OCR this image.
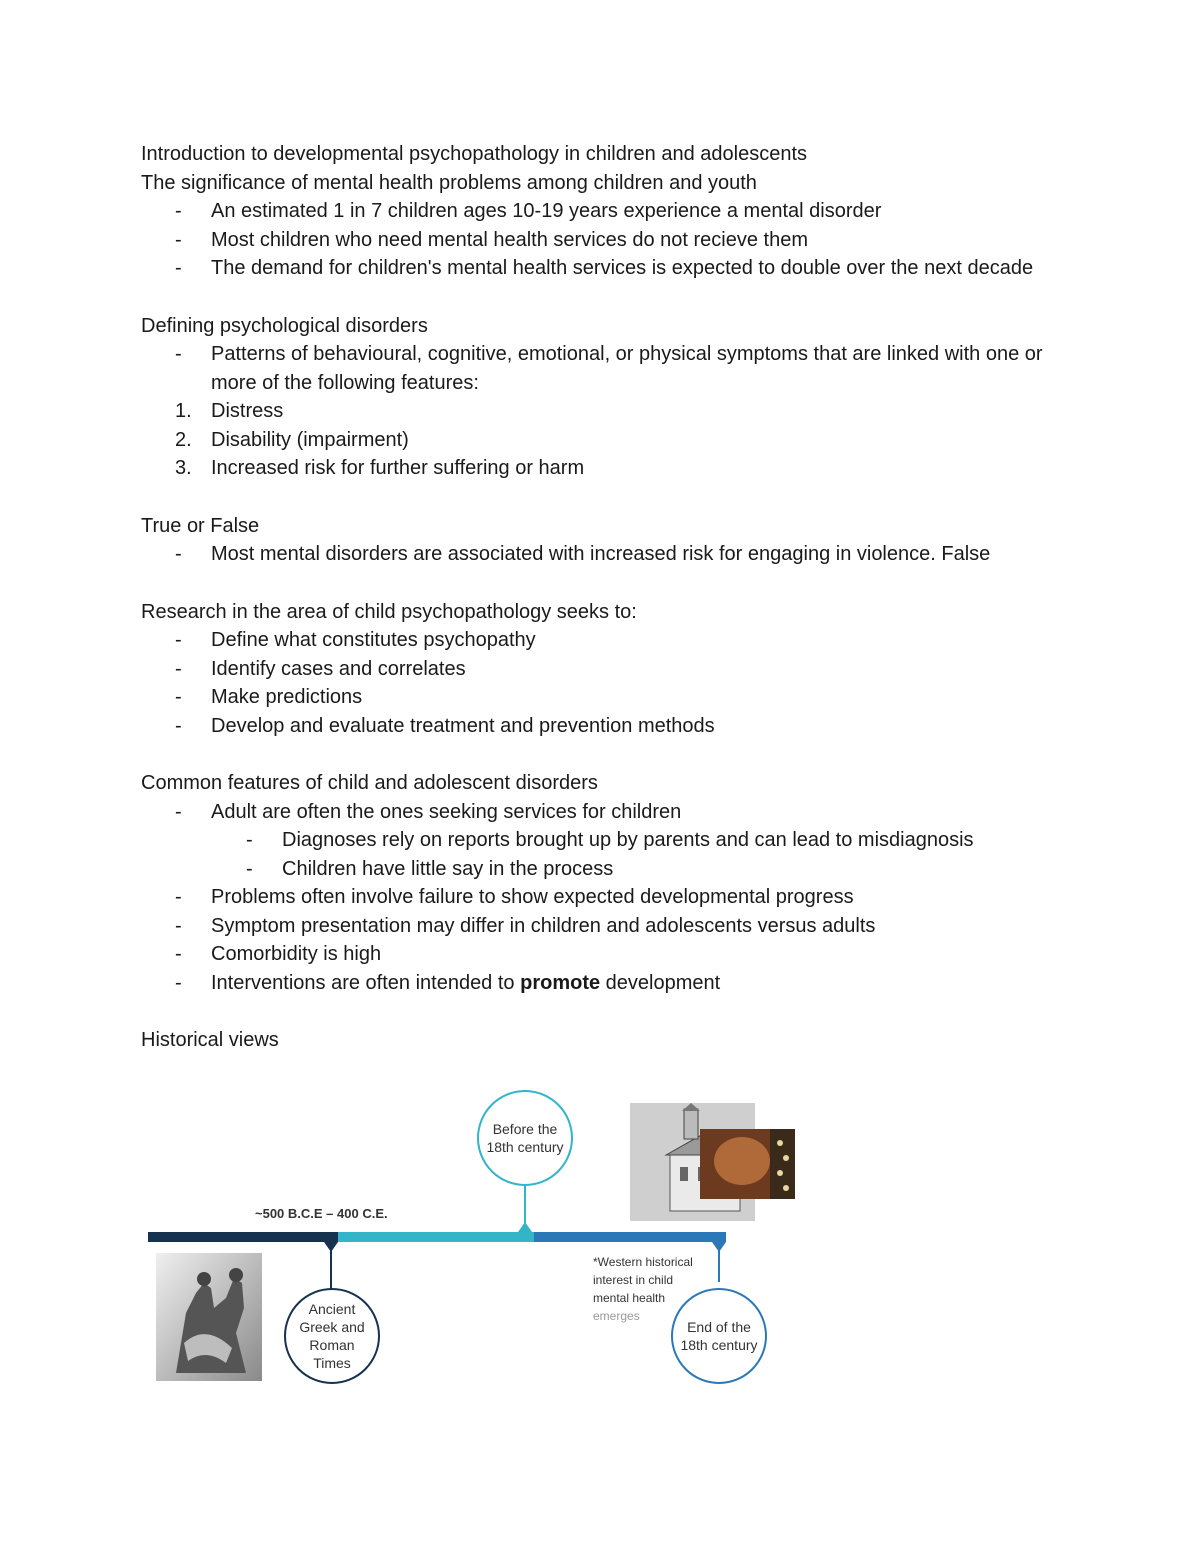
Introduction to developmental psychopathology in children and adolescents

The significance of mental health problems among children and youth

- An estimated 1 in 7 children ages 10-19 years experience a mental disorder
- Most children who need mental health services do not recieve them
- The demand for children's mental health services is expected to double over the next decade

Defining psychological disorders

- Patterns of behavioural, cognitive, emotional, or physical symptoms that are linked with one or more of the following features:
1. Distress
2. Disability (impairment)
3. Increased risk for further suffering or harm

True or False

- Most mental disorders are associated with increased risk for engaging in violence. False

Research in the area of child psychopathology seeks to:

- Define what constitutes psychopathy
- Identify cases and correlates
- Make predictions
- Develop and evaluate treatment and prevention methods

Common features of child and adolescent disorders

- Adult are often the ones seeking services for children
- Diagnoses rely on reports brought up by parents and can lead to misdiagnosis
- Children have little say in the process
- Problems often involve failure to show expected developmental progress
- Symptom presentation may differ in children and adolescents versus adults
- Comorbidity is high
- Interventions are often intended to promote development

Historical views

~500 B.C.E – 400 C.E.
Ancient Greek and Roman Times
Before the 18th century
End of the 18th century
*Western historical
interest in child
mental health
emerges
